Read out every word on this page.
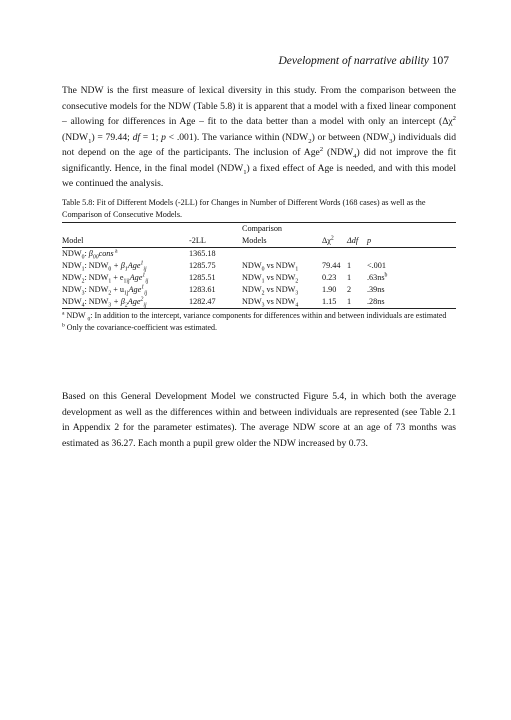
Development of narrative ability 107
The NDW is the first measure of lexical diversity in this study. From the comparison between the consecutive models for the NDW (Table 5.8) it is apparent that a model with a fixed linear component – allowing for differences in Age – fit to the data better than a model with only an intercept ($\Delta\chi^2$ $(NDW_1) = 79.44$; df = 1; p < .001). The variance within $(NDW_2)$ or between $(NDW_3)$ individuals did not depend on the age of the participants. The inclusion of Age$^2$ $(NDW_4)$ did not improve the fit significantly. Hence, in the final model $(NDW_1)$ a fixed effect of Age is needed, and with this model we continued the analysis.
Table 5.8: Fit of Different Models (-2LL) for Changes in Number of Different Words (168 cases) as well as the Comparison of Consecutive Models.
		Comparison			
Model	-2LL	Models	$\Delta\chi^2$	Δdf	p
$NDW_0$: $\beta_{00}cons$ $^a$	1365.18				
$NDW_1$: $NDW_0 + \beta_1Age^1_{ij}$	1285.75	$NDW_0$ vs $NDW_1$	79.44	1	<.001
$NDW_2$: $NDW_1 + e_{1ij}Age^1_{ij}$	1285.51	$NDW_1$ vs $NDW_2$	0.23	1	$.63ns^b$
$NDW_3$: $NDW_2 + u_{1j}Age^1_{ij}$	1283.61	$NDW_2$ vs $NDW_3$	1.90	2	.39ns
$NDW_4$: $NDW_3 + \beta_2Age^2_{ij}$	1282.47	$NDW_3$ vs $NDW_4$	1.15	1	.28ns
$^a$ NDW $_0$: In addition to the intercept, variance components for differences within and between individuals are estimated
$^b$ Only the covariance-coefficient was estimated.
Based on this General Development Model we constructed Figure 5.4, in which both the average development as well as the differences within and between individuals are represented (see Table 2.1 in Appendix 2 for the parameter estimates). The average NDW score at an age of 73 months was estimated as 36.27. Each month a pupil grew older the NDW increased by 0.73.
